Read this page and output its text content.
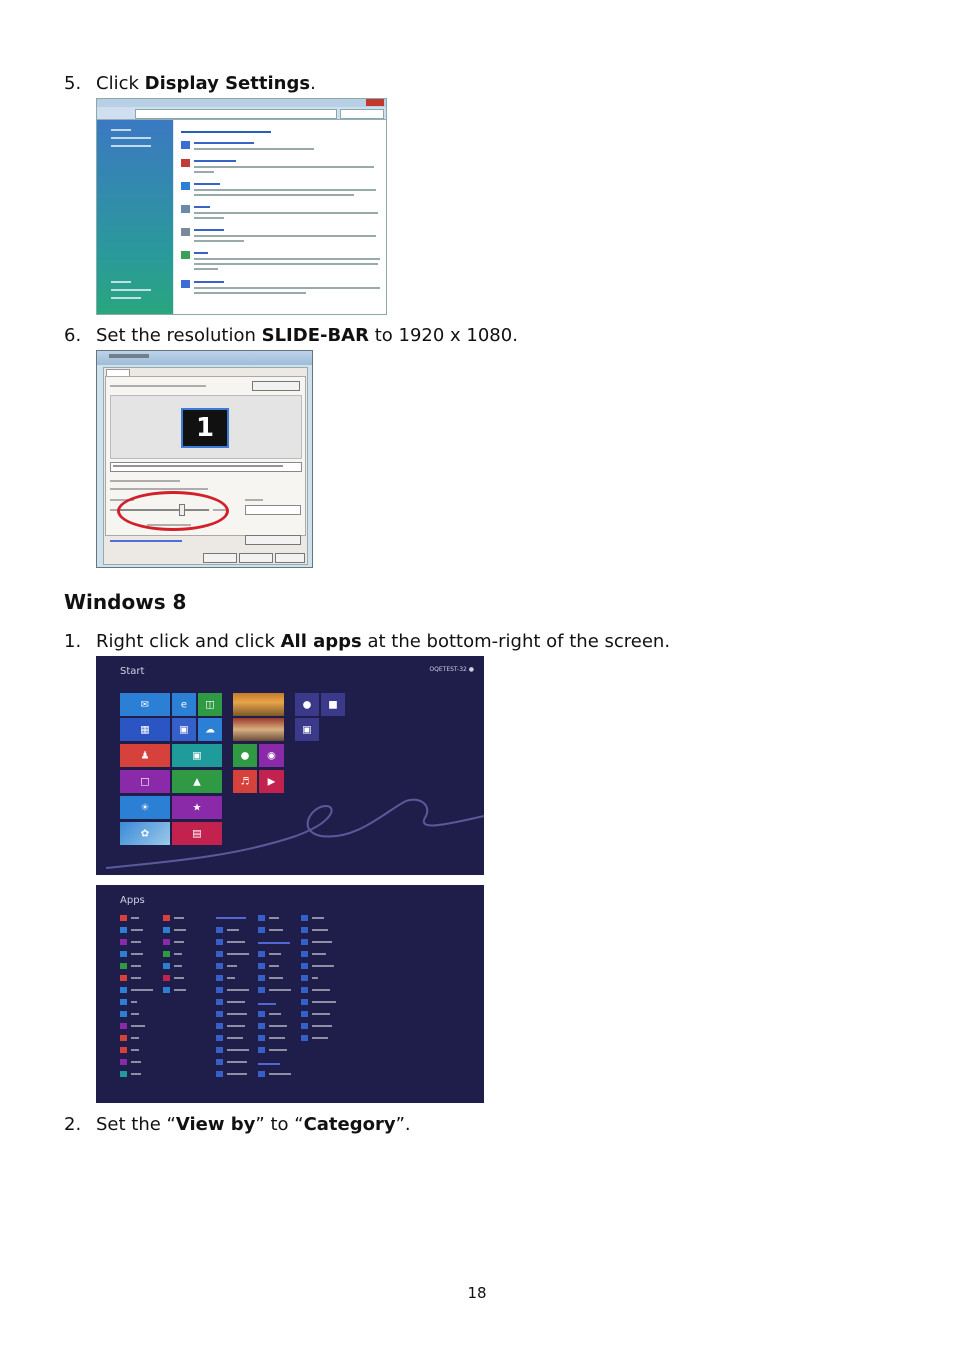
5. Click Display Settings.
6. Set the resolution SLIDE-BAR to 1920 x 1080.
1
Windows 8
1. Right click and click All apps at the bottom-right of the screen.
Start	OQETEST-32 ●
✉	e ◫
▦	▣ ☁
♟	▣
□	▲
☀	★
✿	▤
● ◉
♬ ▶
● ■
▣
Apps
2. Set the “View by” to “Category”.
18
